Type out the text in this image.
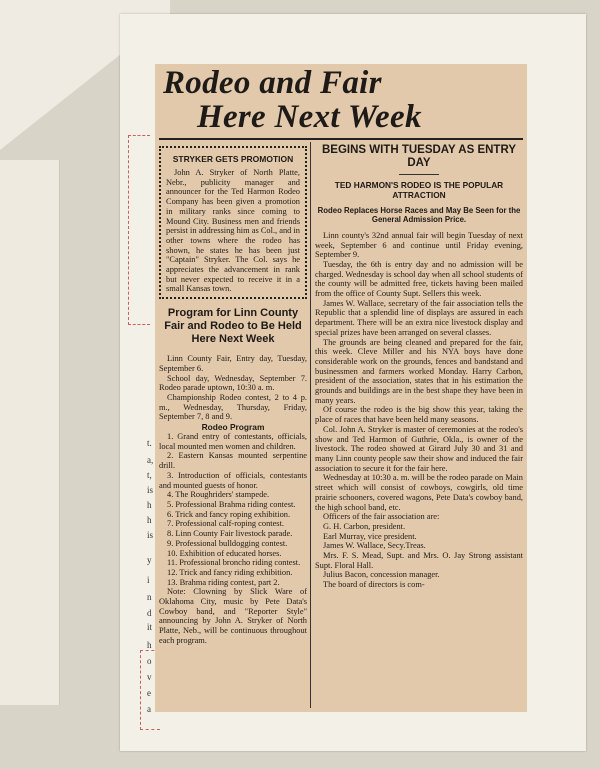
t.
a,
t,
is
h
h
is
y
i
n
d
it
h
o
v
e
a
Rodeo and Fair
Here Next Week
STRYKER GETS PROMOTION

John A. Stryker of North Platte, Nebr., publicity manager and announcer for the Ted Harmon Rodeo Company has been given a promotion in military ranks since coming to Mound City. Business men and friends persist in addressing him as Col., and in other towns where the rodeo has shown, he states he has been just "Captain" Stryker. The Col. says he appreciates the advancement in rank but never expected to receive it in a small Kansas town.

Program for Linn County Fair and Rodeo to Be Held Here Next Week

Linn County Fair, Entry day, Tuesday, September 6.

School day, Wednesday, September 7. Rodeo parade uptown, 10:30 a. m.

Championship Rodeo contest, 2 to 4 p. m., Wednesday, Thursday, Friday, September 7, 8 and 9.

Rodeo Program

1. Grand entry of contestants, officials, local mounted men women and children.

2. Eastern Kansas mounted serpentine drill.

3. Introduction of officials, contestants and mounted guests of honor.

4. The Roughriders' stampede.

5. Professional Brahma riding contest.

6. Trick and fancy roping exhibition.

7. Professional calf-roping contest.

8. Linn County Fair livestock parade.

9. Professional bulldogging contest.

10. Exhibition of educated horses.

11. Professional broncho riding contest.

12. Trick and fancy riding exhibition.

13. Brahma riding contest, part 2.

Note: Clowning by Slick Ware of Oklahoma City, music by Pete Data's Cowboy band, and "Reporter Style" announcing by John A. Stryker of North Platte, Neb., will be continuous throughout each program.

BEGINS WITH TUESDAY AS ENTRY DAY
TED HARMON'S RODEO IS THE POPULAR ATTRACTION
Rodeo Replaces Horse Races and May Be Seen for the General Admission Price.

Linn county's 32nd annual fair will begin Tuesday of next week, September 6 and continue until Friday evening, September 9.

Tuesday, the 6th is entry day and no admission will be charged. Wednesday is school day when all school students of the county will be admitted free, tickets having been mailed from the office of County Supt. Sellers this week.

James W. Wallace, secretary of the fair association tells the Republic that a splendid line of displays are assured in each department. There will be an extra nice livestock display and special prizes have been arranged on several classes.

The grounds are being cleaned and prepared for the fair, this week. Cleve Miller and his NYA boys have done considerable work on the grounds, fences and bandstand and businessmen and farmers worked Monday. Harry Carbon, president of the association, states that in his estimation the grounds and buildings are in the best shape they have been in many years.

Of course the rodeo is the big show this year, taking the place of races that have been held many seasons.

Col. John A. Stryker is master of ceremonies at the rodeo's show and Ted Harmon of Guthrie, Okla., is owner of the livestock. The rodeo showed at Girard July 30 and 31 and many Linn county people saw their show and induced the fair association to secure it for the fair here.

Wednesday at 10:30 a. m. will be the rodeo parade on Main street which will consist of cowboys, cowgirls, old time prairie schooners, covered wagons, Pete Data's cowboy band, the high school band, etc.

Officers of the fair association are:

G. H. Carbon, president.

Earl Murray, vice president.

James W. Wallace, Secy.Treas.

Mrs. F. S. Mead, Supt. and Mrs. O. Jay Strong assistant Supt. Floral Hall.

Julius Bacon, concession manager.

The board of directors is com-
